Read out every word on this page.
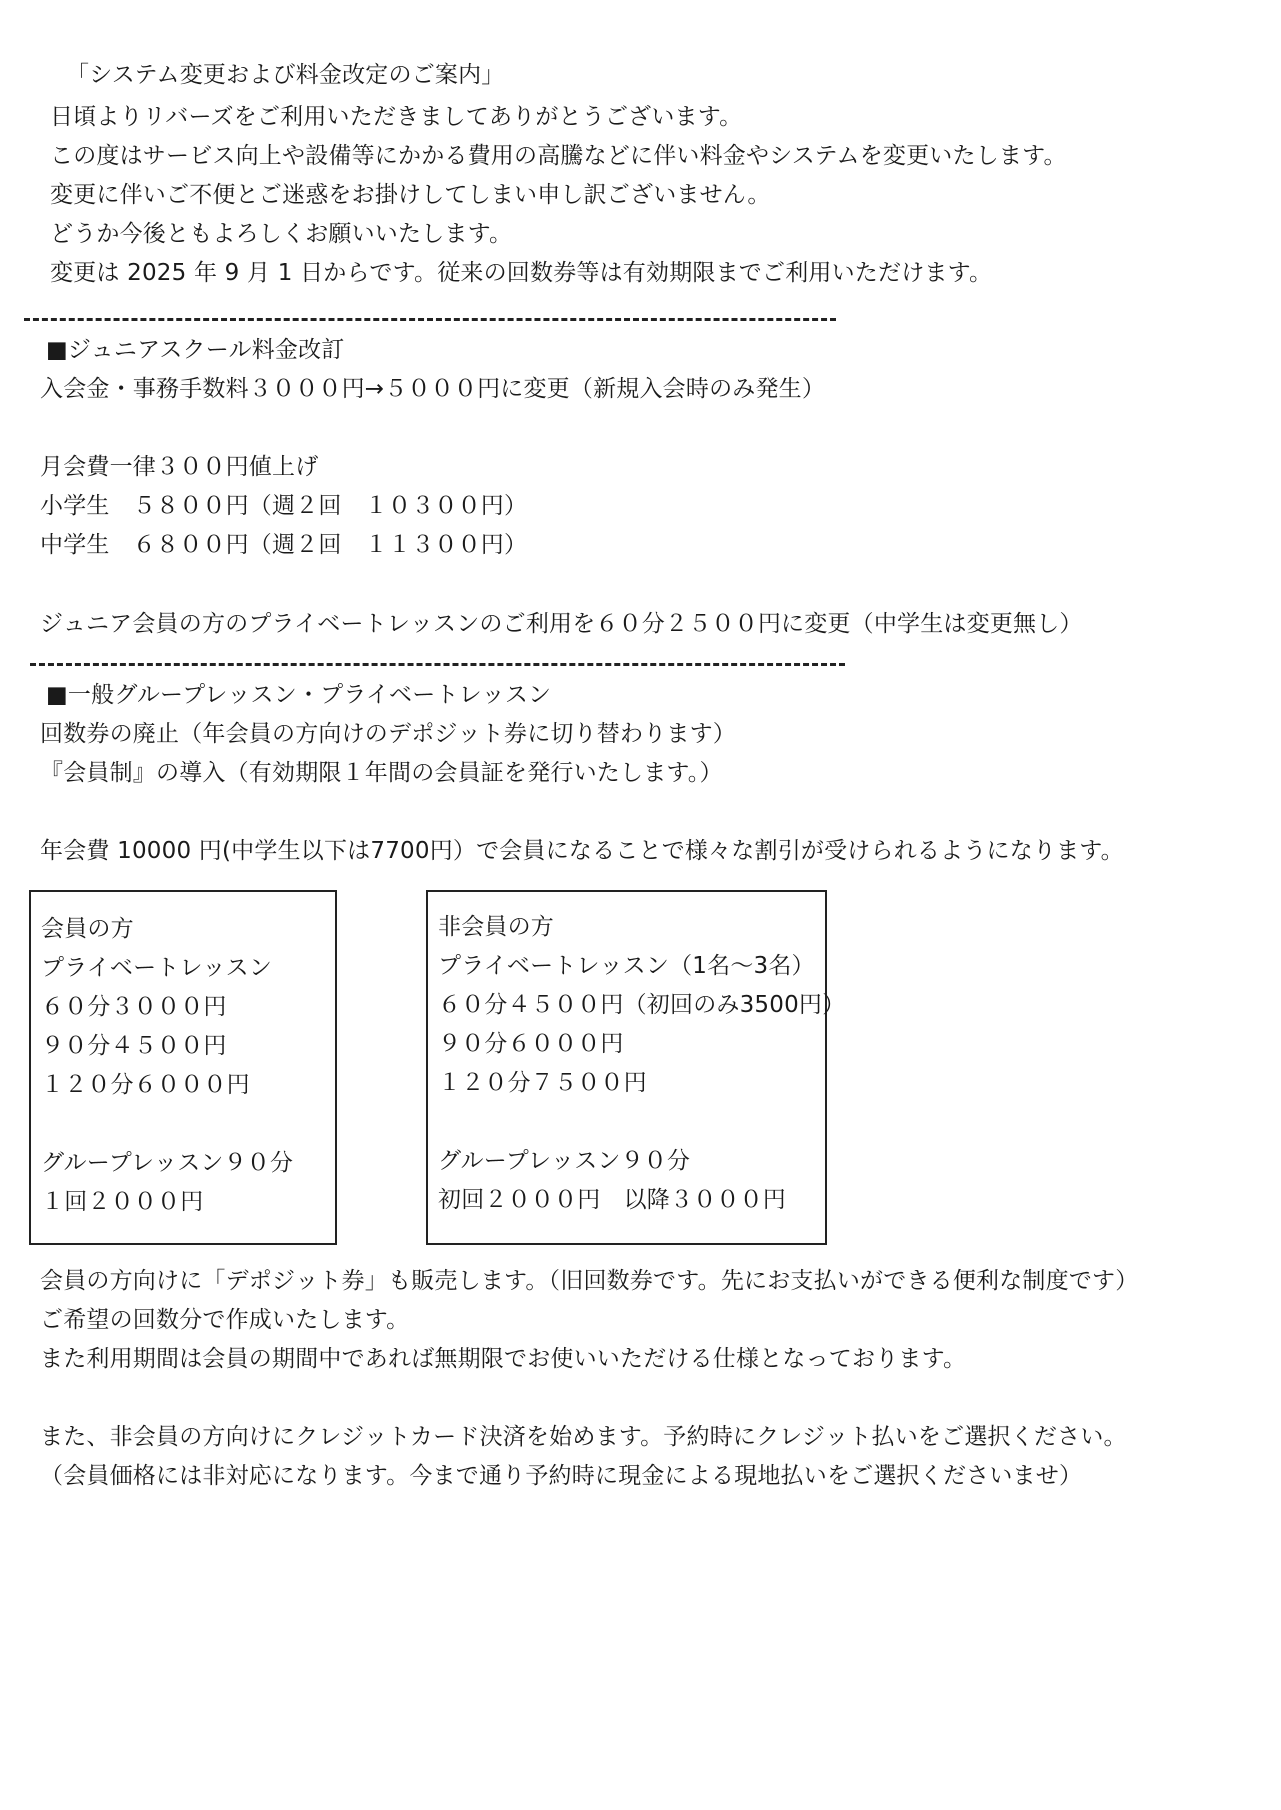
「システム変更および料金改定のご案内」
日頃よりリバーズをご利用いただきましてありがとうございます。
この度はサービス向上や設備等にかかる費用の高騰などに伴い料金やシステムを変更いたします。
変更に伴いご不便とご迷惑をお掛けしてしまい申し訳ございません。
どうか今後ともよろしくお願いいたします。
変更は 2025 年 9 月 1 日からです。従来の回数券等は有効期限までご利用いただけます。
■ジュニアスクール料金改訂
入会金・事務手数料３０００円→５０００円に変更（新規入会時のみ発生）
月会費一律３００円値上げ
小学生　５８００円（週２回　１０３００円）
中学生　６８００円（週２回　１１３００円）
ジュニア会員の方のプライベートレッスンのご利用を６０分２５００円に変更（中学生は変更無し）
■一般グループレッスン・プライベートレッスン
回数券の廃止（年会員の方向けのデポジット券に切り替わります）
『会員制』の導入（有効期限１年間の会員証を発行いたします。）
年会費 10000 円(中学生以下は7700円）で会員になることで様々な割引が受けられるようになります。
会員の方
プライベートレッスン
６０分３０００円
９０分４５００円
１２０分６０００円
グループレッスン９０分
１回２０００円
非会員の方
プライベートレッスン（1名～3名）
６０分４５００円（初回のみ3500円）
９０分６０００円
１２０分７５００円
グループレッスン９０分
初回２０００円　以降３０００円
会員の方向けに「デポジット券」も販売します。（旧回数券です。先にお支払いができる便利な制度です）
ご希望の回数分で作成いたします。
また利用期間は会員の期間中であれば無期限でお使いいただける仕様となっております。
また、非会員の方向けにクレジットカード決済を始めます。予約時にクレジット払いをご選択ください。
（会員価格には非対応になります。今まで通り予約時に現金による現地払いをご選択くださいませ）
